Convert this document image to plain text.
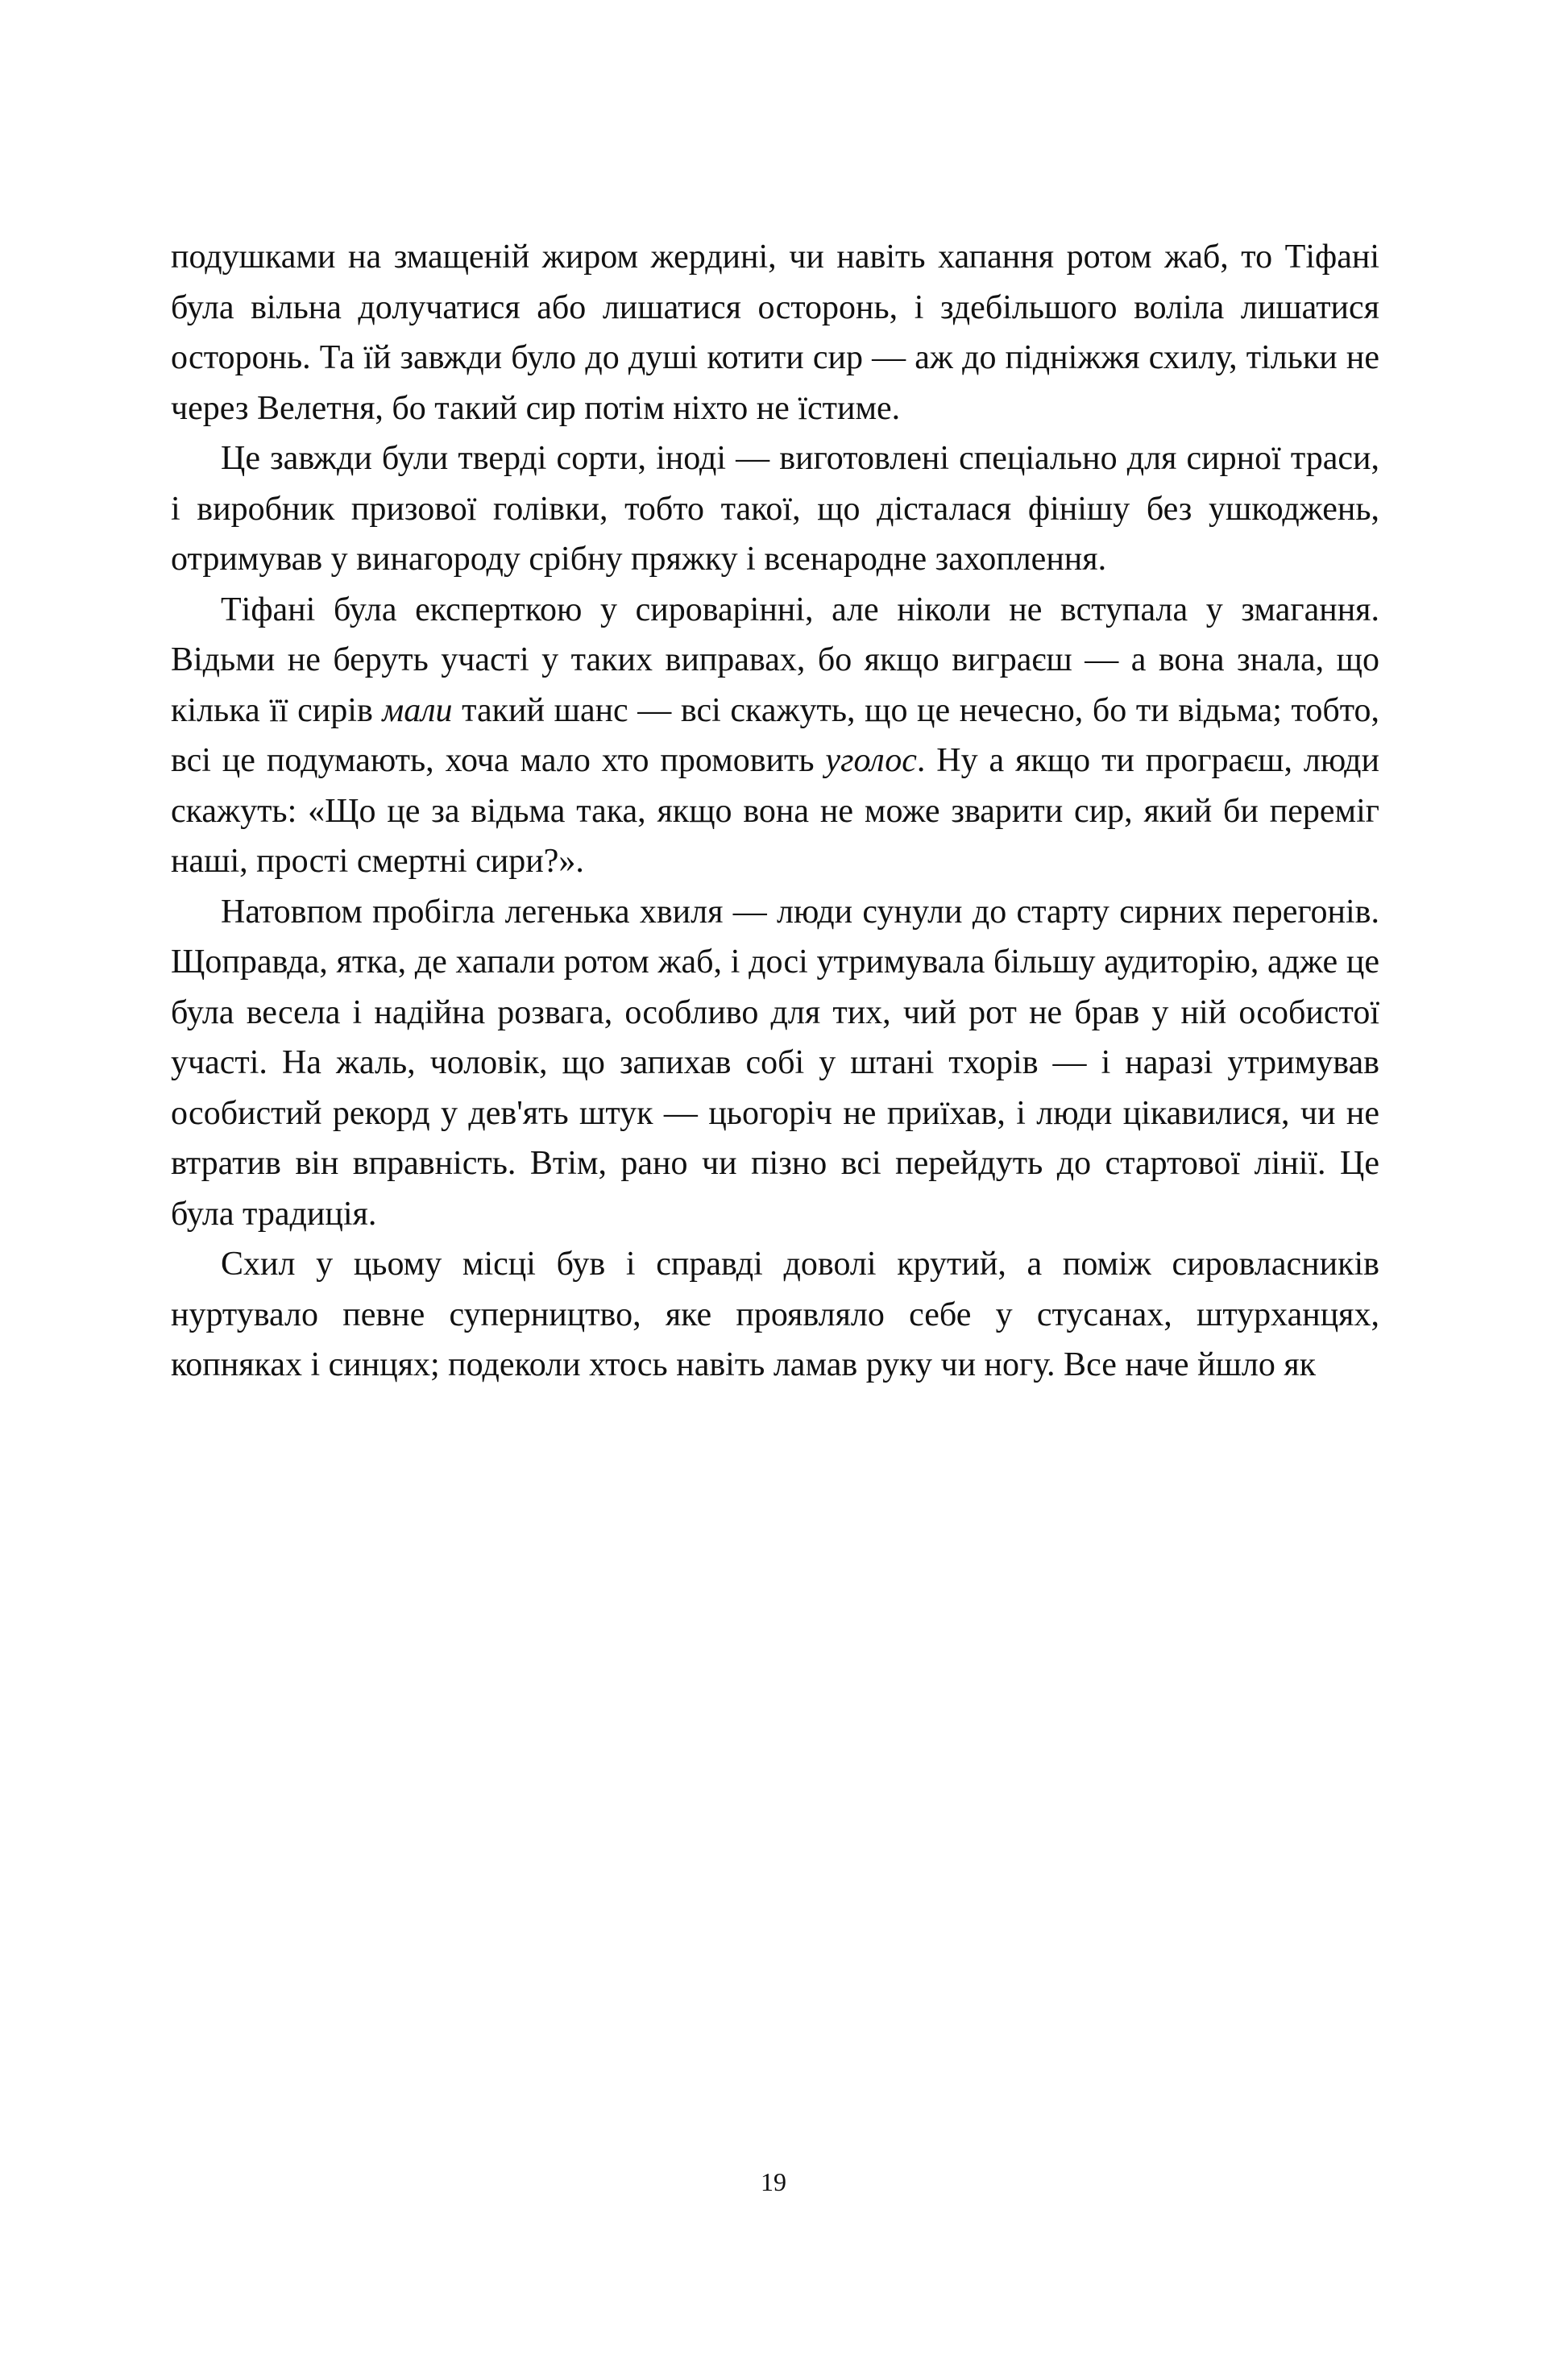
подушками на змащеній жиром жердині, чи навіть хапання ротом жаб, то Тіфані була вільна долучатися або лишатися осторонь, і здебільшого воліла лишатися осторонь. Та їй завжди було до душі котити сир — аж до підніжжя схилу, тільки не через Велетня, бо такий сир потім ніхто не їстиме.

Це завжди були тверді сорти, іноді — виготовлені спеціально для сирної траси, і виробник призової голівки, тобто такої, що дісталася фінішу без ушкоджень, отримував у винагороду срібну пряжку і всенародне захоплення.

Тіфані була експерткою у сироварінні, але ніколи не вступала у змагання. Відьми не беруть участі у таких виправах, бо якщо виграєш — а вона знала, що кілька її сирів мали такий шанс — всі скажуть, що це нечесно, бо ти відьма; тобто, всі це подумають, хоча мало хто промовить уголос. Ну а якщо ти програєш, люди скажуть: «Що це за відьма така, якщо вона не може зварити сир, який би переміг наші, прості смертні сири?».

Натовпом пробігла легенька хвиля — люди сунули до старту сирних перегонів. Щоправда, ятка, де хапали ротом жаб, і досі утримувала більшу аудиторію, адже це була весела і надійна розвага, особливо для тих, чий рот не брав у ній особистої участі. На жаль, чоловік, що запихав собі у штані тхорів — і наразі утримував особистий рекорд у дев'ять штук — цьогоріч не приїхав, і люди цікавилися, чи не втратив він вправність. Втім, рано чи пізно всі перейдуть до стартової лінії. Це була традиція.

Схил у цьому місці був і справді доволі крутий, а поміж сировласників нуртувало певне суперництво, яке проявляло себе у стусанах, штурханцях, копняках і синцях; подеколи хтось навіть ламав руку чи ногу. Все наче йшло як

19
